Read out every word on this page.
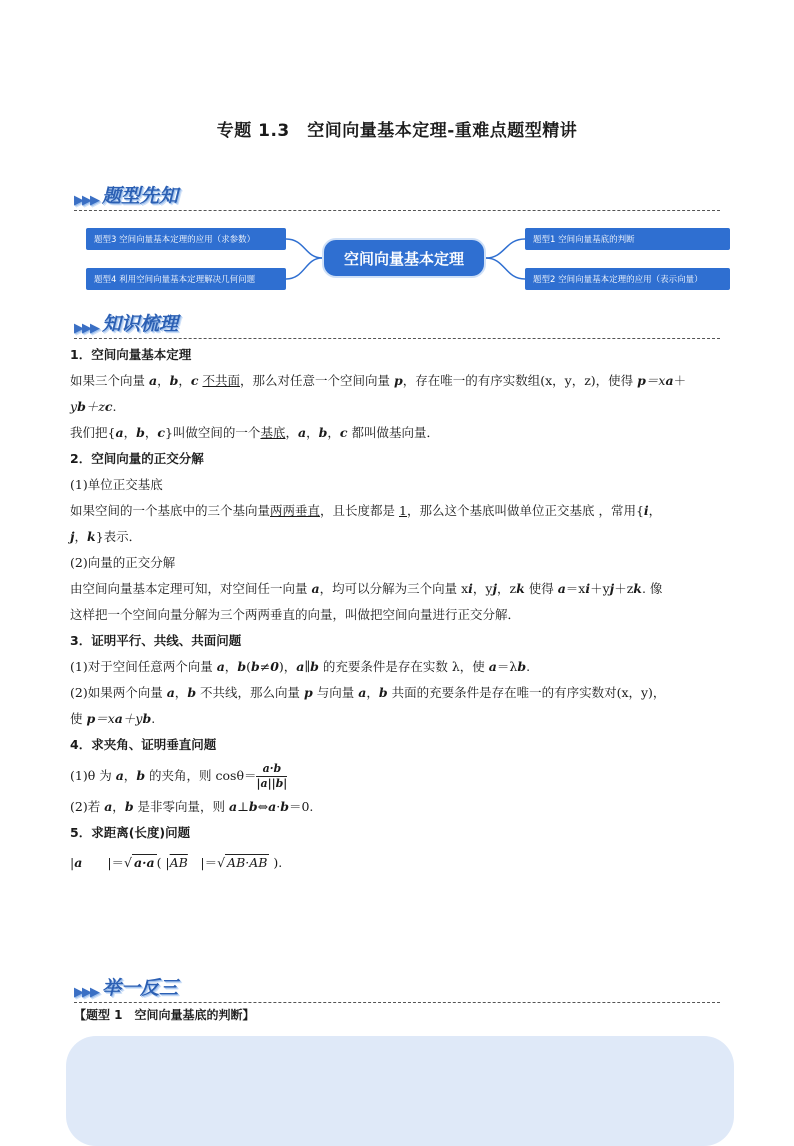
专题 1.3　空间向量基本定理-重难点题型精讲
▶▶▶ 题型先知
题型3 空间向量基本定理的应用（求参数）
题型4 利用空间向量基本定理解决几何问题
空间向量基本定理
题型1 空间向量基底的判断
题型2 空间向量基本定理的应用（表示向量）
▶▶▶ 知识梳理

1．空间向量基本定理

如果三个向量 a，b，c 不共面，那么对任意一个空间向量 p，存在唯一的有序实数组(x，y，z)，使得 p＝xa＋

yb＋zc.

我们把{a，b，c}叫做空间的一个基底，a，b，c 都叫做基向量．

2．空间向量的正交分解

(1)单位正交基底

如果空间的一个基底中的三个基向量两两垂直，且长度都是 1，那么这个基底叫做单位正交基底 ，常用{i，

j，k}表示．

(2)向量的正交分解

由空间向量基本定理可知，对空间任一向量 a，均可以分解为三个向量 xi，yj，zk 使得 a＝xi＋yj＋zk. 像

这样把一个空间向量分解为三个两两垂直的向量，叫做把空间向量进行正交分解．

3．证明平行、共线、共面问题

(1)对于空间任意两个向量 a，b(b≠0)，a∥b 的充要条件是存在实数 λ，使 a＝λb.

(2)如果两个向量 a，b 不共线，那么向量 p 与向量 a，b 共面的充要条件是存在唯一的有序实数对(x，y)，

使 p＝xa＋yb.

4．求夹角、证明垂直问题

(1)θ 为 a，b 的夹角，则 $\cos\theta= \frac{a\cdot b}{|a||b|}$

(2)若 a，b 是非零向量，则 a⊥b⇔a·b＝0.

5．求距离(长度)问题

|a　　|＝√ a·a ( $|\overline{AB}$　|＝√ AB·AB ).

▶▶▶ 举一反三
【题型 1　空间向量基底的判断】
